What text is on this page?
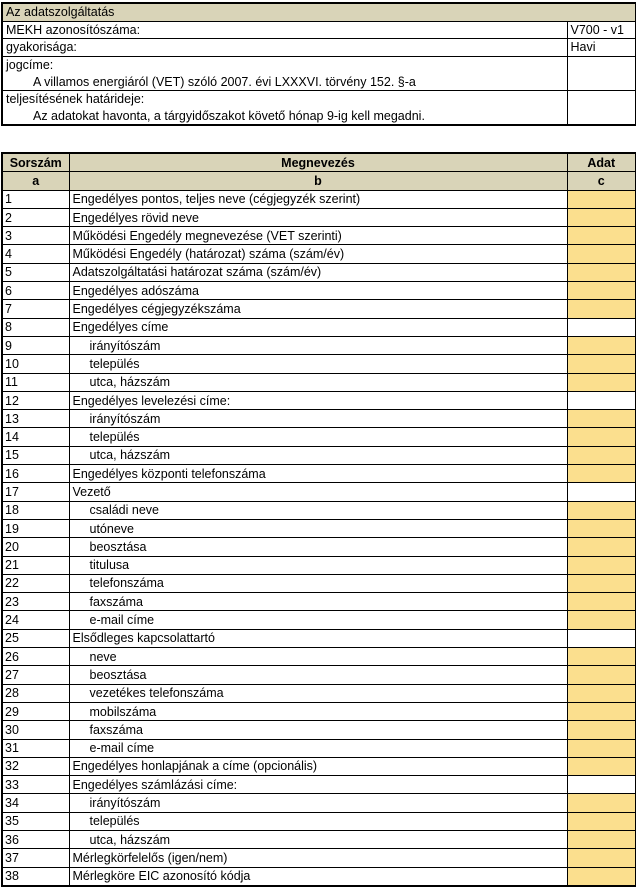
Az adatszolgáltatás	
MEKH azonosítószáma:	V700 - v1
gyakorisága:	Havi
jogcíme:	
A villamos energiáról (VET) szóló 2007. évi LXXXVI. törvény 152. §-a	
teljesítésének határideje:	
Az adatokat havonta, a tárgyidőszakot követő hónap 9-ig kell megadni.	
Sorszám	Megnevezés	Adat
a	b	c
1	Engedélyes pontos, teljes neve (cégjegyzék szerint)	
2	Engedélyes rövid neve	
3	Működési Engedély megnevezése (VET szerinti)	
4	Működési Engedély (határozat) száma (szám/év)	
5	Adatszolgáltatási határozat száma (szám/év)	
6	Engedélyes adószáma	
7	Engedélyes cégjegyzékszáma	
8	Engedélyes címe	
9	irányítószám	
10	település	
11	utca, házszám	
12	Engedélyes levelezési címe:	
13	irányítószám	
14	település	
15	utca, házszám	
16	Engedélyes központi telefonszáma	
17	Vezető	
18	családi neve	
19	utóneve	
20	beosztása	
21	titulusa	
22	telefonszáma	
23	faxszáma	
24	e-mail címe	
25	Elsődleges kapcsolattartó	
26	neve	
27	beosztása	
28	vezetékes telefonszáma	
29	mobilszáma	
30	faxszáma	
31	e-mail címe	
32	Engedélyes honlapjának a címe (opcionális)	
33	Engedélyes számlázási címe:	
34	irányítószám	
35	település	
36	utca, házszám	
37	Mérlegkörfelelős (igen/nem)	
38	Mérlegköre EIC azonosító kódja	
